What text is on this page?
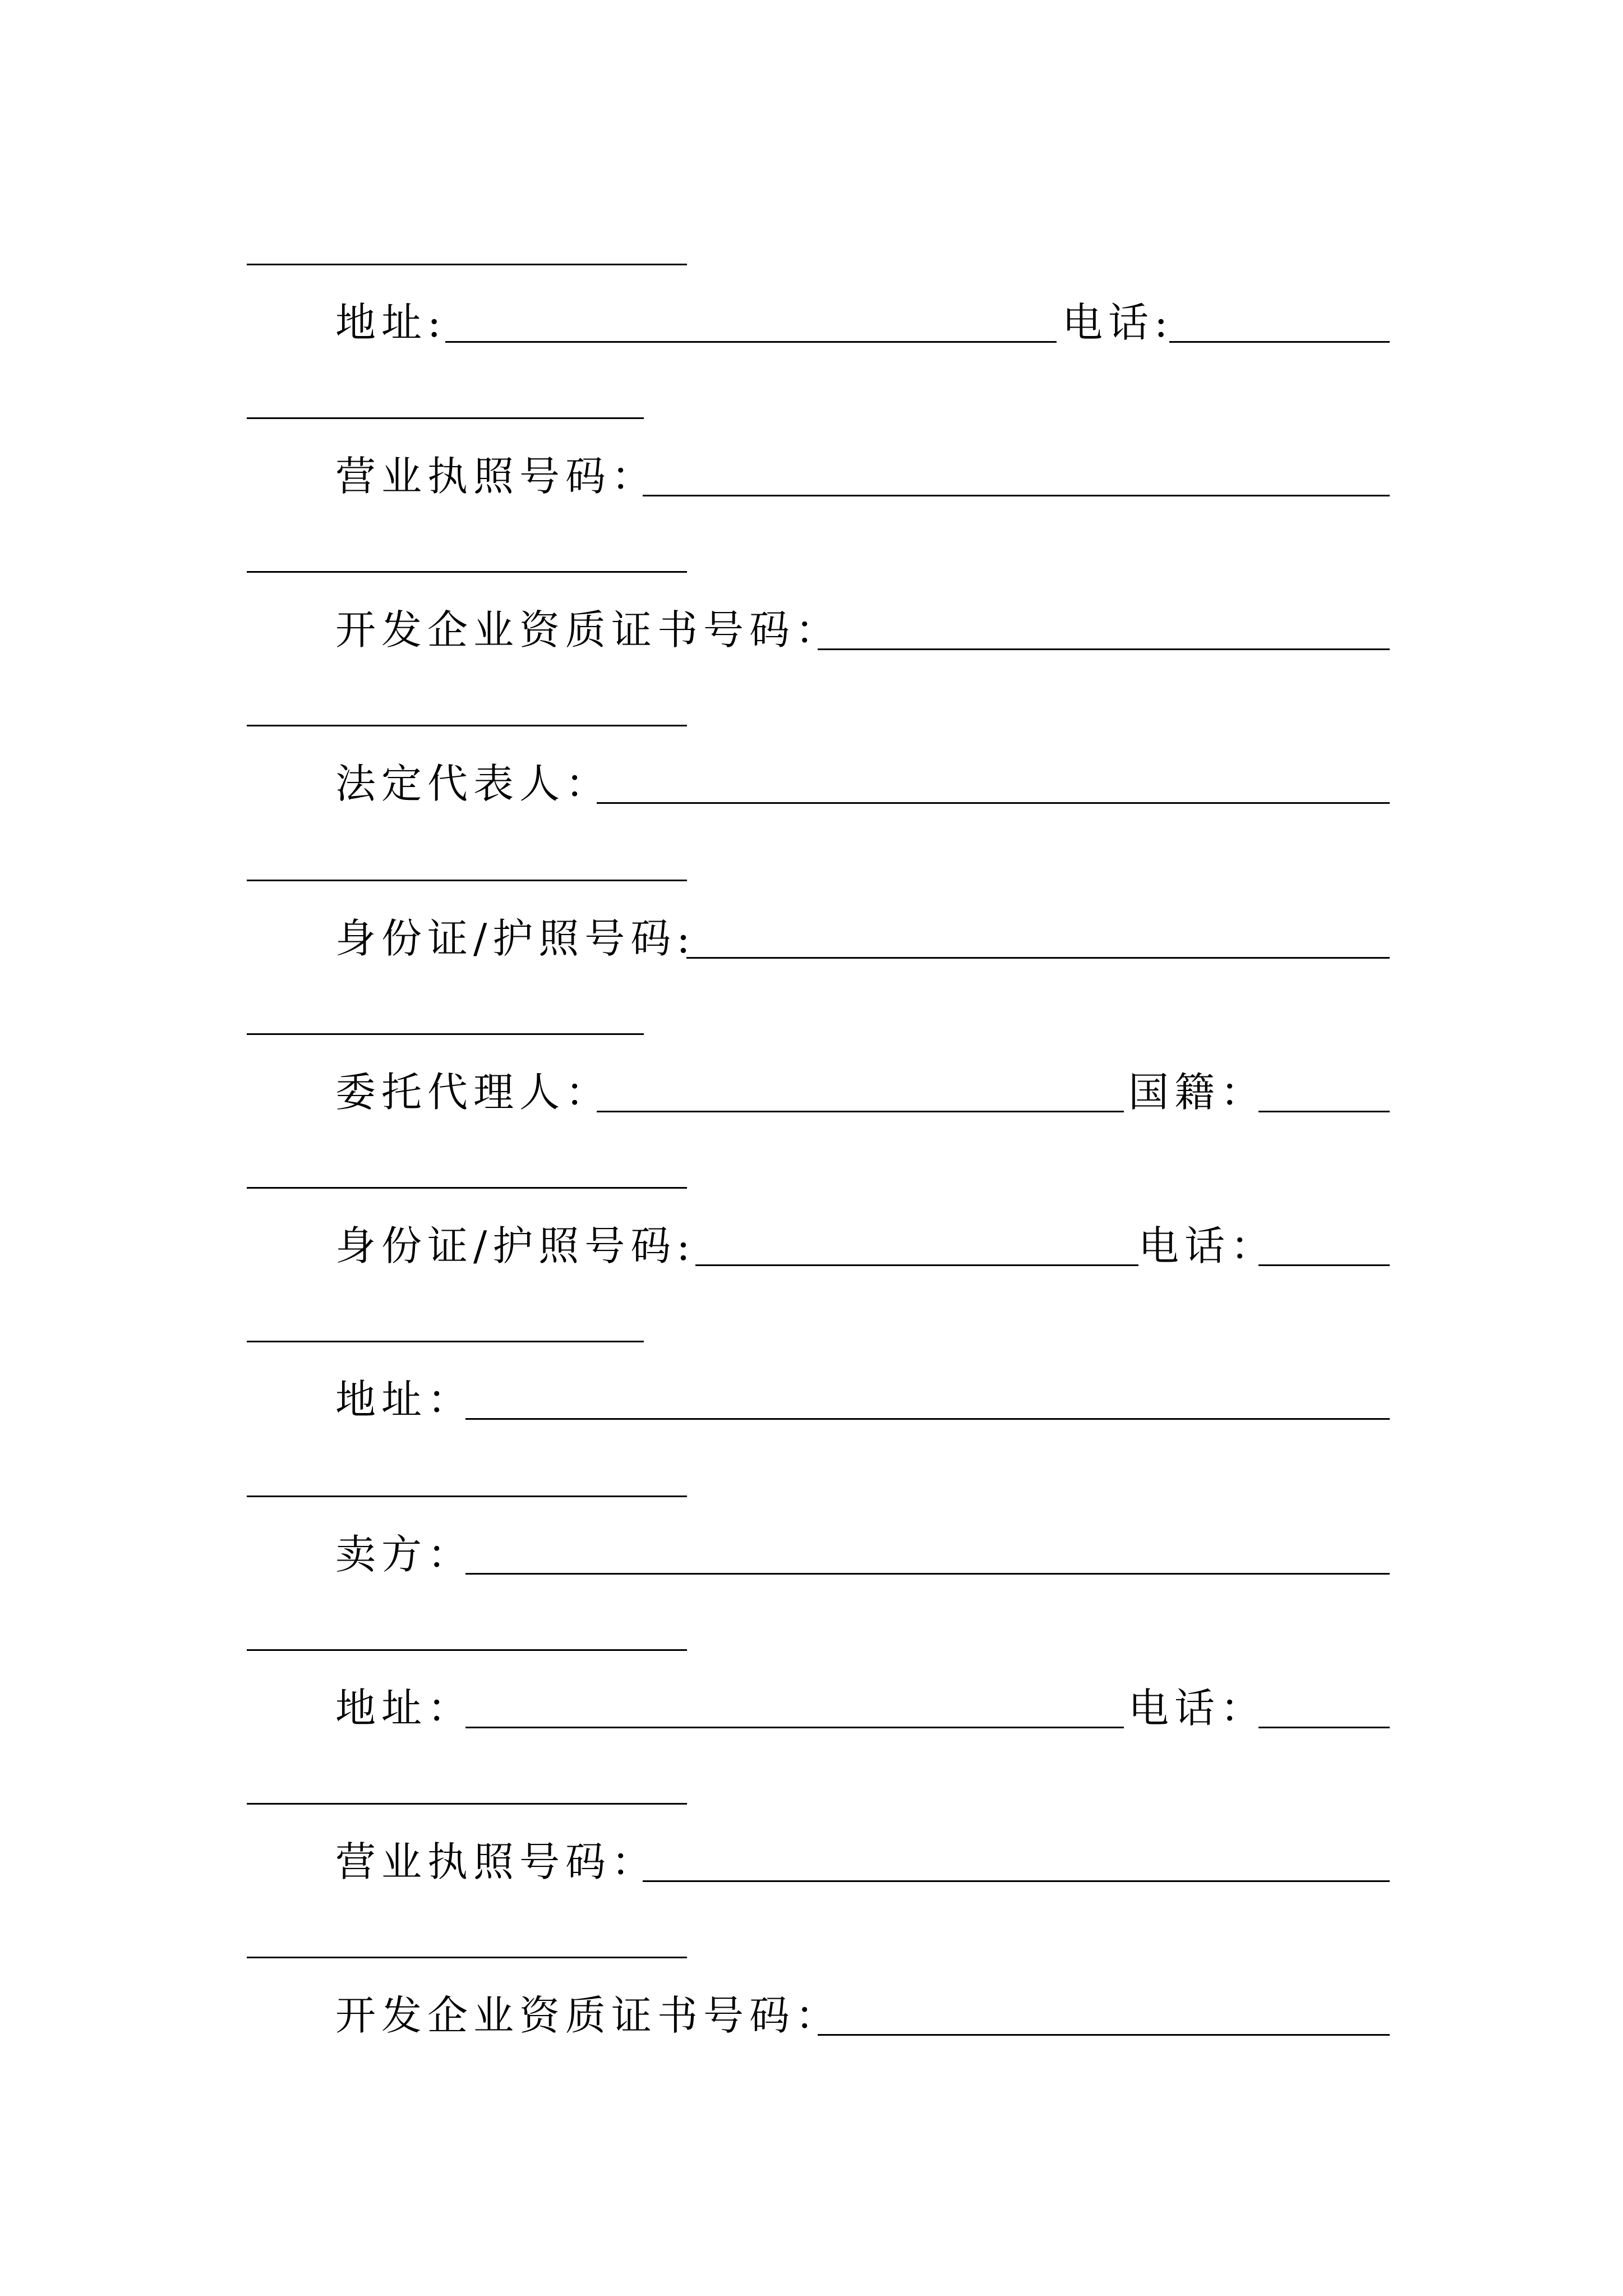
地址:	电话:
营业执照号码：
开发企业资质证书号码：
法定代表人：
身份证/护照号码:
委托代理人：	国籍：
身份证/护照号码:	电话：
地址：
卖方：
地址：	电话：
营业执照号码：
开发企业资质证书号码：
